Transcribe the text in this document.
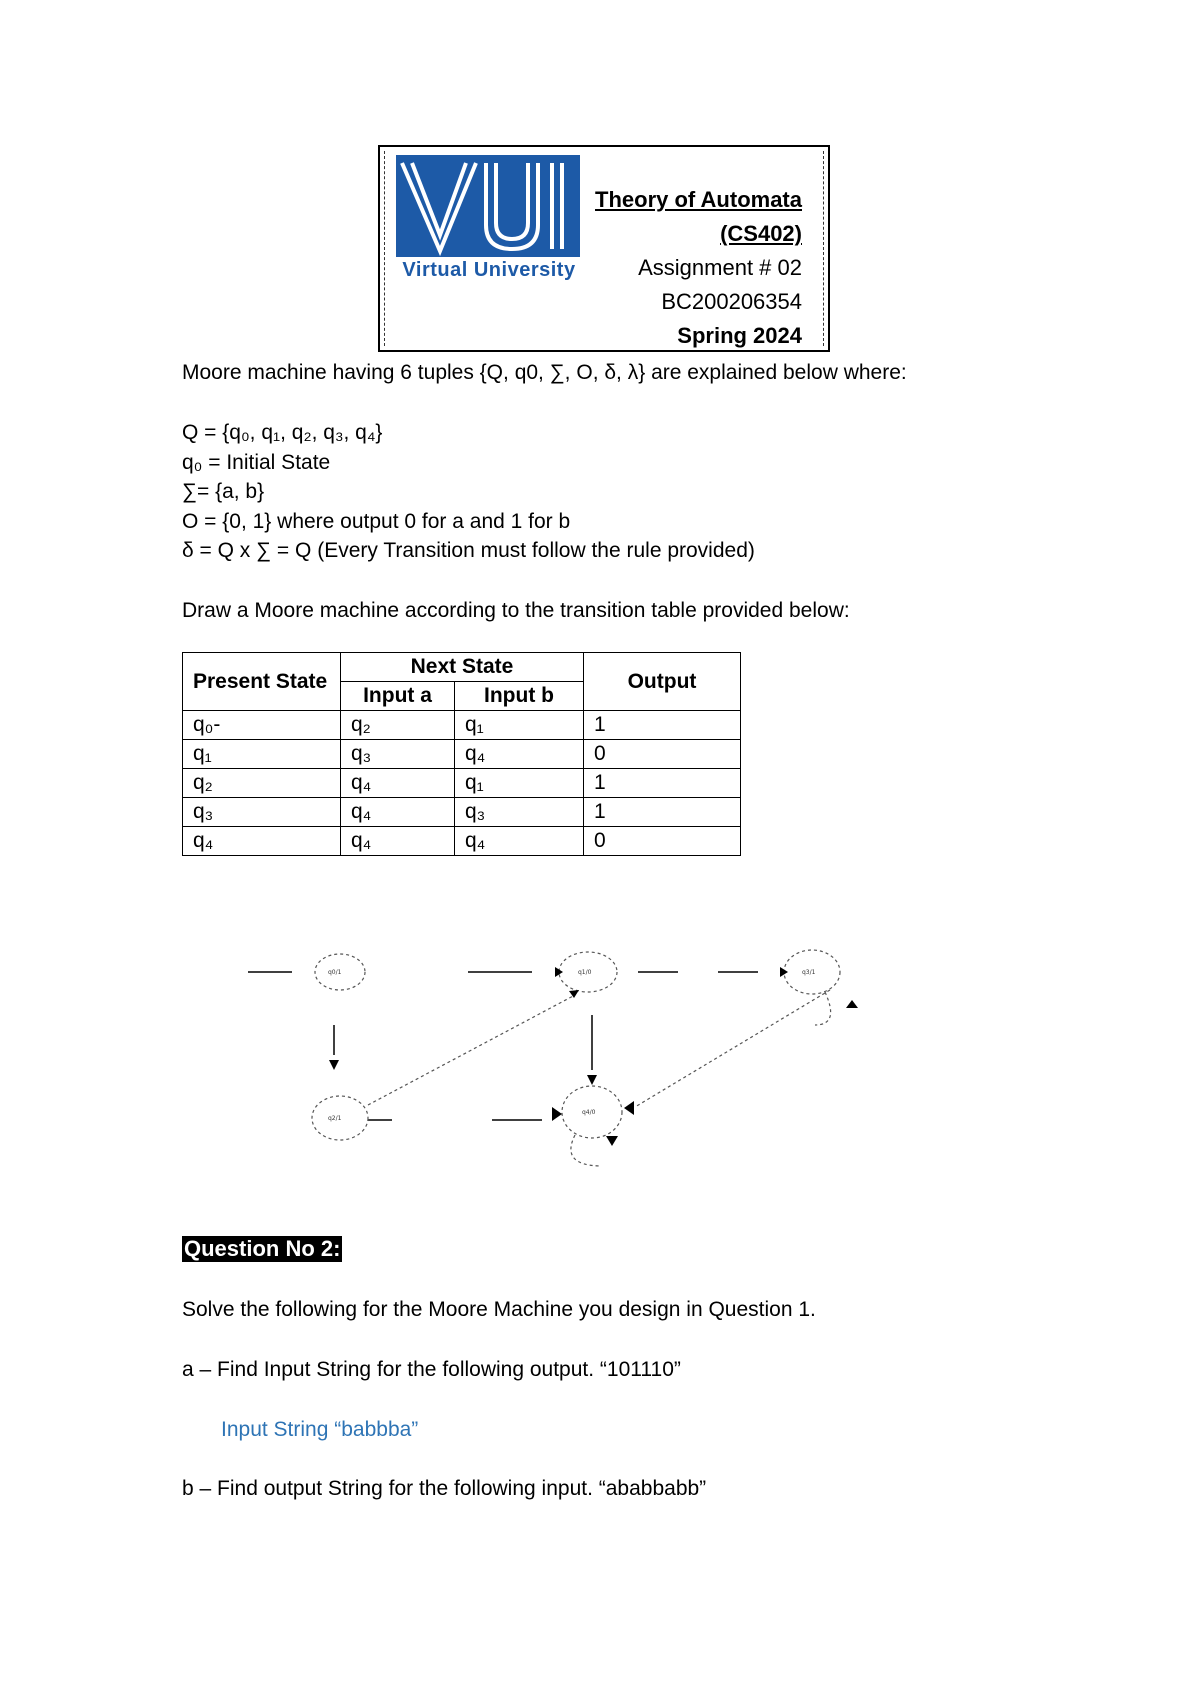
Virtual University
Theory of Automata
(CS402)
Assignment # 02
BC200206354
Spring 2024
Moore machine having 6 tuples {Q, q0, ∑, O, δ, λ} are explained below where:
Q = {q₀, q₁, q₂, q₃, q₄}
q₀ = Initial State
∑= {a, b}
O = {0, 1} where output 0 for a and 1 for b
δ = Q x ∑ = Q (Every Transition must follow the rule provided)
Draw a Moore machine according to the transition table provided below:
Present State	Next State		Output
	Input a	Input b	
q₀-	q₂	q₁	1
q₁	q₃	q₄	0
q₂	q₄	q₁	1
q₃	q₄	q₃	1
q₄	q₄	q₄	0
q0/1	q1/0	q3/1
q2/1
q4/0
Question No 2:
Solve the following for the Moore Machine you design in Question 1.
a – Find Input String for the following output. “101110”
Input String “babbba”
b – Find output String for the following input. “ababbabb”
